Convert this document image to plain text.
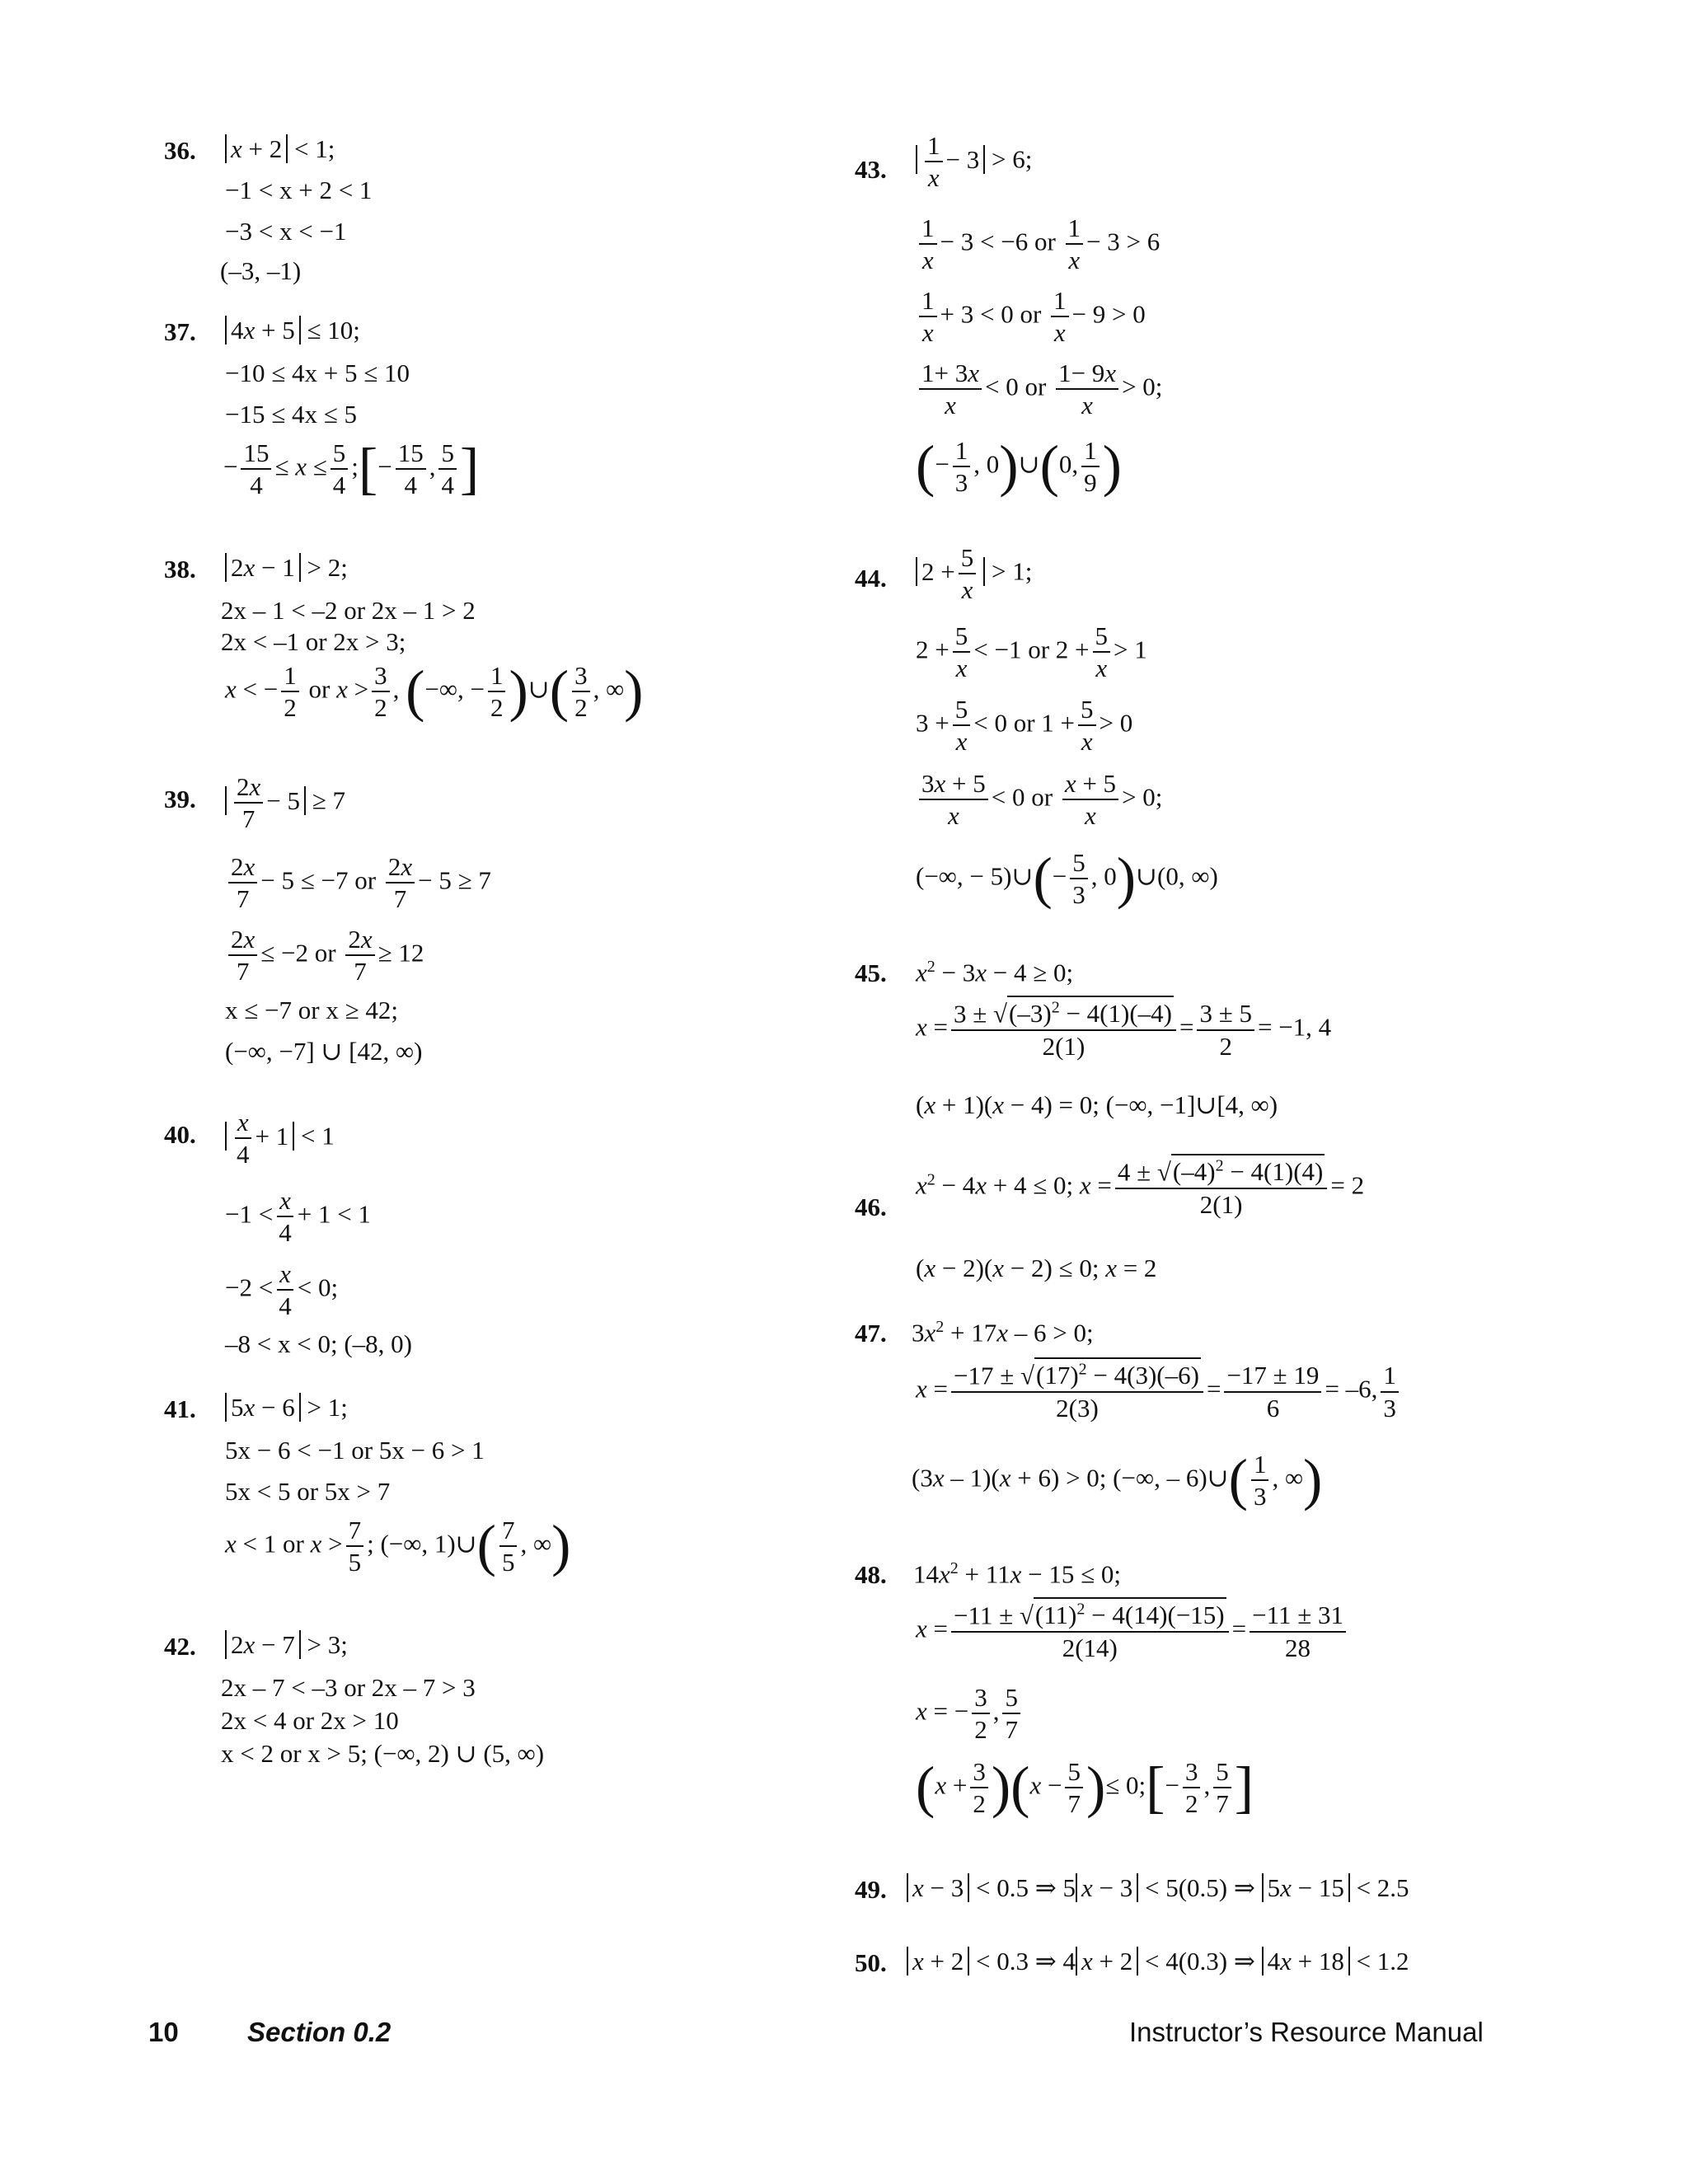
36. x + 2 < 1;
−1 < x + 2 < 1
−3 < x < −1
(–3, –1)
37. 4x + 5 ≤ 10;
−10 ≤ 4x + 5 ≤ 10
−15 ≤ 4x ≤ 5
− $\frac{15}{4} \le x \le \frac{5}{4}$ ;[− $\frac{15}{4}$ , $\frac{5}{4}$ ]
38. 2x − 1 > 2;
2x – 1 < –2 or 2x – 1 > 2
2x < –1 or 2x > 3;
x < − $\frac{1}{2}$ or $x > \frac{3}{2}$ , (−∞, − $\frac{1}{2}$ )∪( $\frac{3}{2}$ , ∞)
39. $\frac{2x}{7} - 5 \ge 7$
$\frac{2x}{7} - 5 \le -7$ or $\frac{2x}{7} - 5 \ge 7$
$\frac{2x}{7} \le -2$ or $\frac{2x}{7} \ge 12$
x ≤ −7 or x ≥ 42;
(−∞, −7] ∪ [42, ∞)
40. $\frac{x}{4} + 1 < 1$
$-1 < \frac{x}{4} + 1 < 1$
$-2 < \frac{x}{4} < 0$;
–8 < x < 0; (–8, 0)
41. 5x − 6 > 1;
5x − 6 < −1 or 5x − 6 > 1
5x < 5 or 5x > 7
x < 1 or $x > \frac{7}{5}$ ; (−∞, 1)∪( $\frac{7}{5}$ , ∞)
42. 2x − 7 > 3;
2x – 7 < –3 or 2x – 7 > 3
2x < 4 or 2x > 10
x < 2 or x > 5; (−∞, 2) ∪ (5, ∞)
43. $\frac{1}{x} - 3 > 6$;
$\frac{1}{x} - 3 < -6$ or $\frac{1}{x} - 3 > 6$
$\frac{1}{x} + 3 < 0$ or $\frac{1}{x} - 9 > 0$
$\frac{1+ 3x}{x} < 0$ or $\frac{1- 9x}{x} > 0$;
(− $\frac{1}{3}$ , 0)∪(0, $\frac{1}{9}$ )
44. $2 + \frac{5}{x} > 1$;
$2 + \frac{5}{x} < -1$ or $2 + \frac{5}{x} > 1$
$3 + \frac{5}{x} < 0$ or $1 + \frac{5}{x} > 0$
$\frac{3x + 5}{x} < 0$ or $\frac{x + 5}{x} > 0$;
(−∞, − 5)∪(− $\frac{5}{3}$ , 0)∪(0, ∞)
45. $x^2 - 3x - 4 \ge 0$;
$x = \frac{3 \pm √(-3)^2 - 4(1)(-4)}{2(1)} = \frac{3 \pm 5}{2} = -1$, 4
(x + 1)(x − 4) = 0; (−∞, −1]∪[4, ∞)
46.
$x^2 - 4x + 4 \le 0$; $x = \frac{4 \pm √(-4)^2 - 4(1)(4)}{2(1)} = 2$
(x − 2)(x − 2) ≤ 0; x = 2
47. $3x^2 + 17x - 6 > 0$;
$x = \frac{-17 \pm √(17)^2 - 4(3)(-6)}{2(3)} = \frac{-17 \pm 19}{6} = -6$, $\frac{1}{3}$
(3x – 1)(x + 6) > 0; (−∞, – 6)∪( $\frac{1}{3}$ , ∞)
48. $14x^2 + 11x - 15 \le 0$;
$x = \frac{-11 \pm √(11)^2 - 4(14)(-15)}{2(14)} = \frac{-11 \pm 31}{28}$
x = − $\frac{3}{2}$ , $\frac{5}{7}$
$(x + \frac{3}{2} )(x - \frac{5}{7}$ )≤ 0;[− $\frac{3}{2}$ , $\frac{5}{7}$ ]
49. x − 3 < 0.5 ⇒ 5 x − 3 < 5(0.5) ⇒ 5x − 15 < 2.5
50. x + 2 < 0.3 ⇒ 4 x + 2 < 4(0.3) ⇒ 4x + 18 < 1.2
10	Section 0.2	Instructor’s Resource Manual
